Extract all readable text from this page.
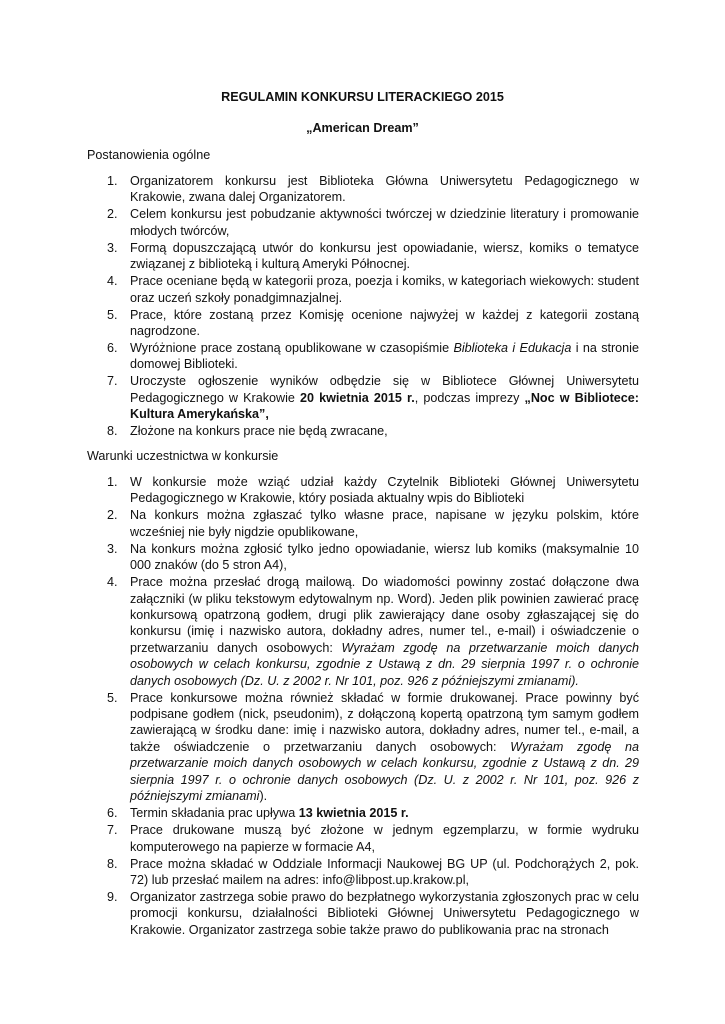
REGULAMIN KONKURSU LITERACKIEGO 2015
„American Dream”
Postanowienia ogólne
1. Organizatorem konkursu jest Biblioteka Główna Uniwersytetu Pedagogicznego w Krakowie, zwana dalej Organizatorem.
2. Celem konkursu jest pobudzanie aktywności twórczej w dziedzinie literatury i promowanie młodych twórców,
3. Formą dopuszczającą utwór do konkursu jest opowiadanie, wiersz, komiks o tematyce związanej z biblioteką i kulturą Ameryki Północnej.
4. Prace oceniane będą w kategorii proza, poezja i komiks, w kategoriach wiekowych: student oraz uczeń szkoły ponadgimnazjalnej.
5. Prace, które zostaną przez Komisję ocenione najwyżej w każdej z kategorii zostaną nagrodzone.
6. Wyróżnione prace zostaną opublikowane w czasopiśmie Biblioteka i Edukacja i na stronie domowej Biblioteki.
7. Uroczyste ogłoszenie wyników odbędzie się w Bibliotece Głównej Uniwersytetu Pedagogicznego w Krakowie 20 kwietnia 2015 r., podczas imprezy „Noc w Bibliotece: Kultura Amerykańska”,
8. Złożone na konkurs prace nie będą zwracane,
Warunki uczestnictwa w konkursie
1. W konkursie może wziąć udział każdy Czytelnik Biblioteki Głównej Uniwersytetu Pedagogicznego w Krakowie, który posiada aktualny wpis do Biblioteki
2. Na konkurs można zgłaszać tylko własne prace, napisane w języku polskim, które wcześniej nie były nigdzie opublikowane,
3. Na konkurs można zgłosić tylko jedno opowiadanie, wiersz lub komiks (maksymalnie 10 000 znaków (do 5 stron A4),
4. Prace można przesłać drogą mailową. Do wiadomości powinny zostać dołączone dwa załączniki (w pliku tekstowym edytowalnym np. Word). Jeden plik powinien zawierać pracę konkursową opatrzoną godłem, drugi plik zawierający dane osoby zgłaszającej się do konkursu (imię i nazwisko autora, dokładny adres, numer tel., e-mail) i oświadczenie o przetwarzaniu danych osobowych: Wyrażam zgodę na przetwarzanie moich danych osobowych w celach konkursu, zgodnie z Ustawą z dn. 29 sierpnia 1997 r. o ochronie danych osobowych (Dz. U. z 2002 r. Nr 101, poz. 926 z późniejszymi zmianami).
5. Prace konkursowe można również składać w formie drukowanej. Prace powinny być podpisane godłem (nick, pseudonim), z dołączoną kopertą opatrzoną tym samym godłem zawierającą w środku dane: imię i nazwisko autora, dokładny adres, numer tel., e-mail, a także oświadczenie o przetwarzaniu danych osobowych: Wyrażam zgodę na przetwarzanie moich danych osobowych w celach konkursu, zgodnie z Ustawą z dn. 29 sierpnia 1997 r. o ochronie danych osobowych (Dz. U. z 2002 r. Nr 101, poz. 926 z późniejszymi zmianami).
6. Termin składania prac upływa 13 kwietnia 2015 r.
7. Prace drukowane muszą być złożone w jednym egzemplarzu, w formie wydruku komputerowego na papierze w formacie A4,
8. Prace można składać w Oddziale Informacji Naukowej BG UP (ul. Podchorążych 2, pok. 72) lub przesłać mailem na adres: info@libpost.up.krakow.pl,
9. Organizator zastrzega sobie prawo do bezpłatnego wykorzystania zgłoszonych prac w celu promocji konkursu, działalności Biblioteki Głównej Uniwersytetu Pedagogicznego w Krakowie. Organizator zastrzega sobie także prawo do publikowania prac na stronach
